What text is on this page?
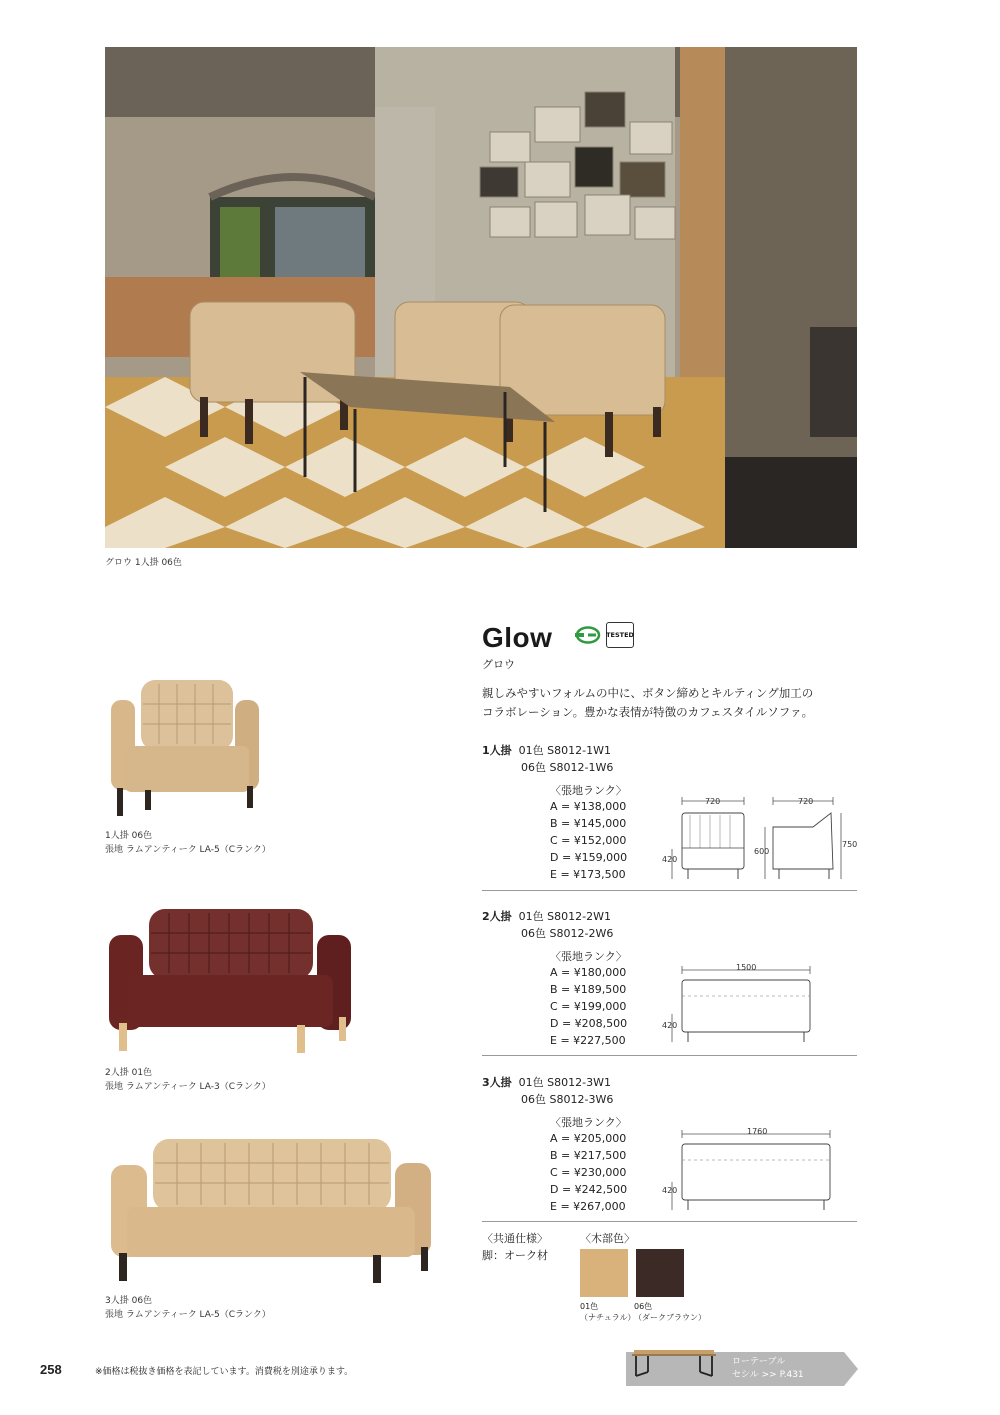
グロウ 1人掛 06色
Glow	TESTED
グロウ
親しみやすいフォルムの中に、ボタン締めとキルティング加工の
コラボレーション。豊かな表情が特徴のカフェスタイルソファ。
1人掛 06色
張地 ラムアンティーク LA-5（Cランク）
2人掛 01色
張地 ラムアンティーク LA-3（Cランク）
3人掛 06色
張地 ラムアンティーク LA-5（Cランク）
1人掛 01色 S8012-1W1
06色 S8012-1W6
〈張地ランク〉
A = ¥138,000
B = ¥145,000
C = ¥152,000
D = ¥159,000
E = ¥173,500
720
420
720
600
750
2人掛 01色 S8012-2W1
06色 S8012-2W6
〈張地ランク〉
A = ¥180,000
B = ¥189,500
C = ¥199,000
D = ¥208,500
E = ¥227,500
1500
420
3人掛 01色 S8012-3W1
06色 S8012-3W6
〈張地ランク〉
A = ¥205,000
B = ¥217,500
C = ¥230,000
D = ¥242,500
E = ¥267,000
1760
420
〈共通仕様〉
脚：オーク材
〈木部色〉
01色
（ナチュラル）
06色
（ダークブラウン）
258	※価格は税抜き価格を表記しています。消費税を別途承ります。
ローテーブル
セシル >> P.431
